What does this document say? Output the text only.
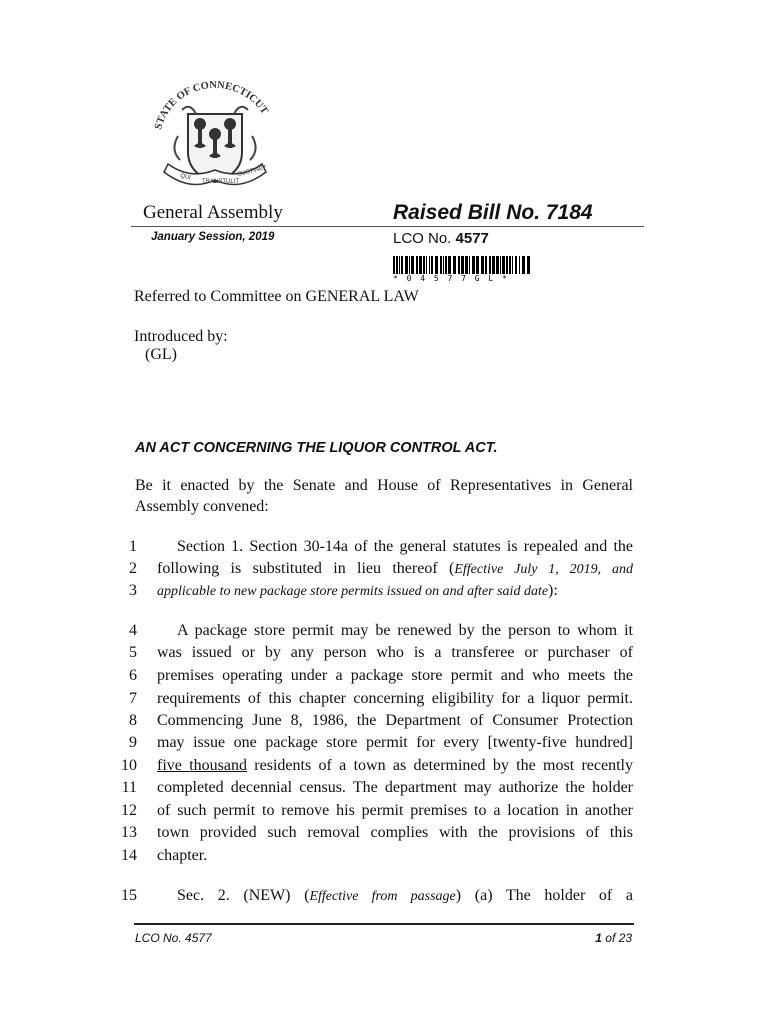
STATE OF CONNECTICUT
QUI
TRANSTULIT
SUSTINET
General Assembly	Raised Bill No. 7184
January Session, 2019	LCO No. 4577
* 0 4 5 7 7 G L *
Referred to Committee on GENERAL LAW
Introduced by:
(GL)
AN ACT CONCERNING THE LIQUOR CONTROL ACT.
Be it enacted by the Senate and House of Representatives in General Assembly convened:
1	Section 1. Section 30-14a of the general statutes is repealed and the
2 following is substituted in lieu thereof (Effective July 1, 2019, and
3 applicable to new package store permits issued on and after said date):
4	A package store permit may be renewed by the person to whom it
5 was issued or by any person who is a transferee or purchaser of
6 premises operating under a package store permit and who meets the
7 requirements of this chapter concerning eligibility for a liquor permit.
8 Commencing June 8, 1986, the Department of Consumer Protection
9 may issue one package store permit for every [twenty-five hundred]
10 five thousand residents of a town as determined by the most recently
11 completed decennial census. The department may authorize the holder
12 of such permit to remove his permit premises to a location in another
13 town provided such removal complies with the provisions of this
14 chapter.
15	Sec. 2. (NEW) (Effective from passage) (a) The holder of a
LCO No. 4577	1 of 23
